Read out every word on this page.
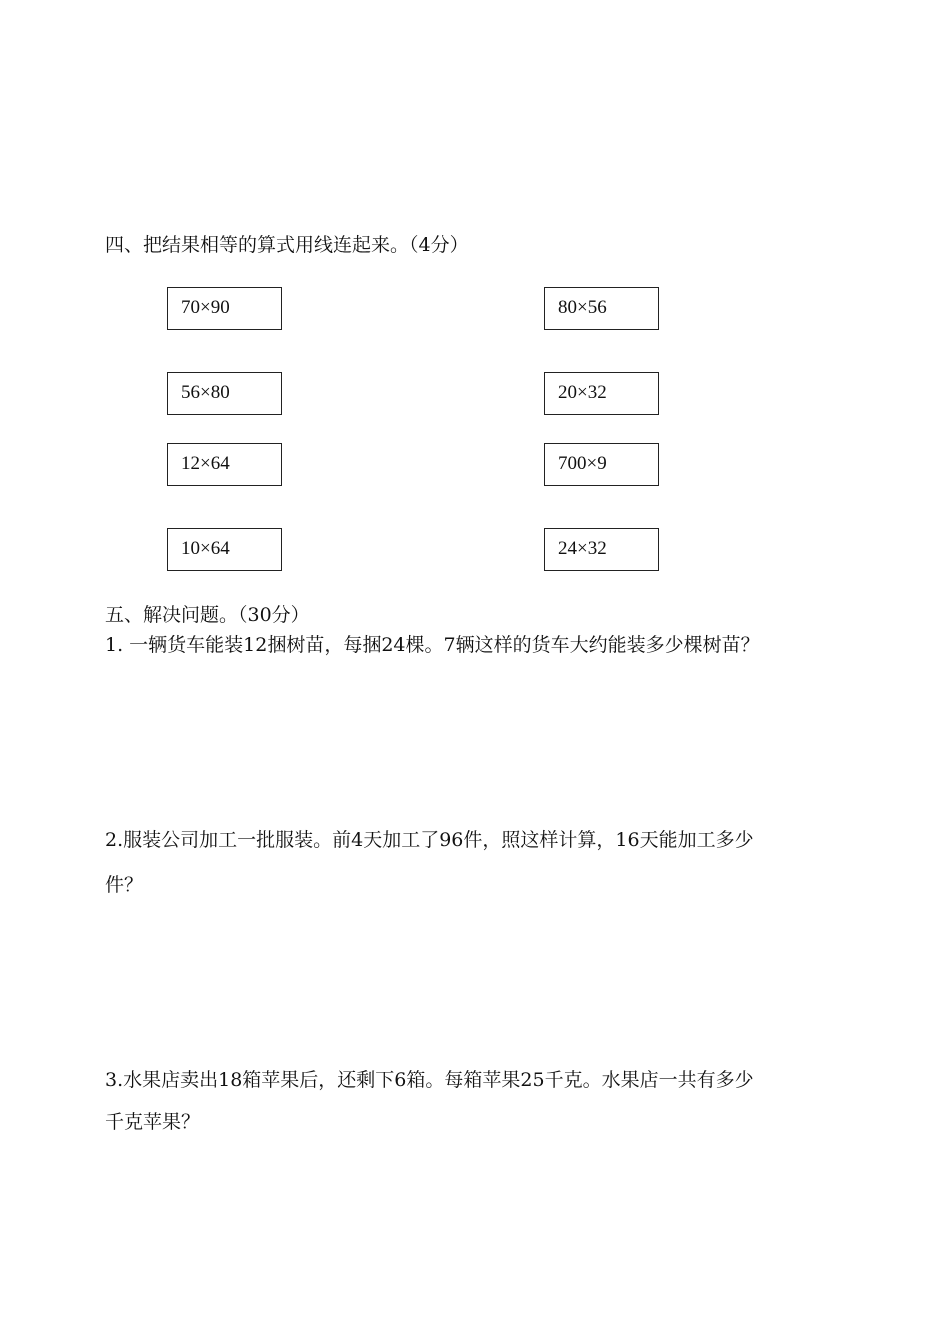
四、把结果相等的算式用线连起来。（4分）
70×90
56×80
12×64
10×64
80×56
20×32
700×9
24×32
五、解决问题。（30分）
1. 一辆货车能装12捆树苗，每捆24棵。7辆这样的货车大约能装多少棵树苗？
2.服装公司加工一批服装。前4天加工了96件，照这样计算，16天能加工多少
件？
3.水果店卖出18箱苹果后，还剩下6箱。每箱苹果25千克。水果店一共有多少
千克苹果？
